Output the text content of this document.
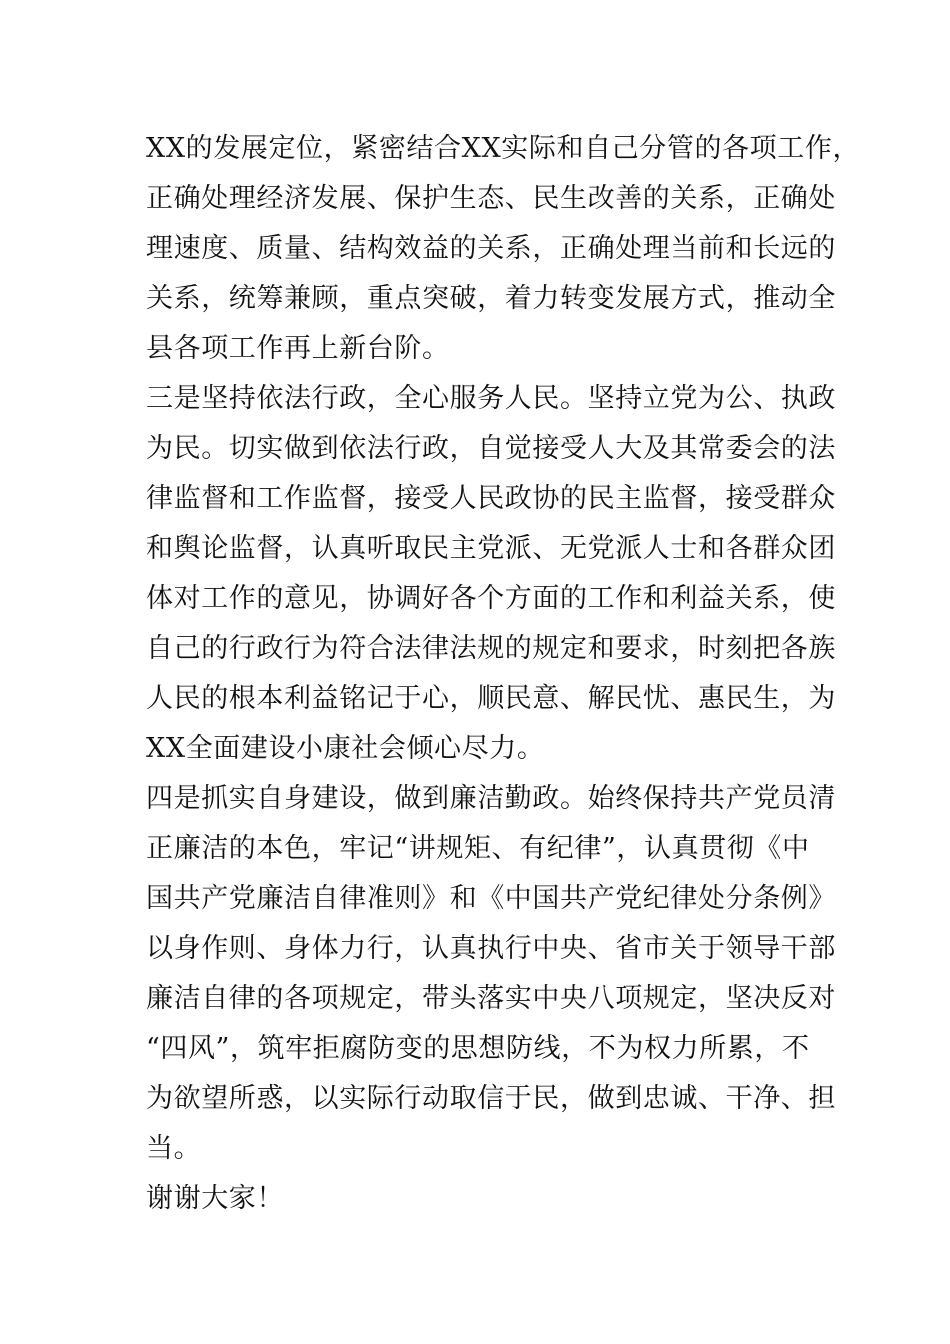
XX的发展定位，紧密结合XX实际和自己分管的各项工作，
正确处理经济发展、保护生态、民生改善的关系，正确处
理速度、质量、结构效益的关系，正确处理当前和长远的
关系，统筹兼顾，重点突破，着力转变发展方式，推动全
县各项工作再上新台阶。
三是坚持依法行政，全心服务人民。坚持立党为公、执政
为民。切实做到依法行政，自觉接受人大及其常委会的法
律监督和工作监督，接受人民政协的民主监督，接受群众
和舆论监督，认真听取民主党派、无党派人士和各群众团
体对工作的意见，协调好各个方面的工作和利益关系，使
自己的行政行为符合法律法规的规定和要求，时刻把各族
人民的根本利益铭记于心，顺民意、解民忧、惠民生，为
XX全面建设小康社会倾心尽力。
四是抓实自身建设，做到廉洁勤政。始终保持共产党员清
正廉洁的本色，牢记“讲规矩、有纪律”，认真贯彻《中
国共产党廉洁自律准则》和《中国共产党纪律处分条例》
以身作则、身体力行，认真执行中央、省市关于领导干部
廉洁自律的各项规定，带头落实中央八项规定，坚决反对
“四风”，筑牢拒腐防变的思想防线，不为权力所累，不
为欲望所惑，以实际行动取信于民，做到忠诚、干净、担
当。
谢谢大家！
